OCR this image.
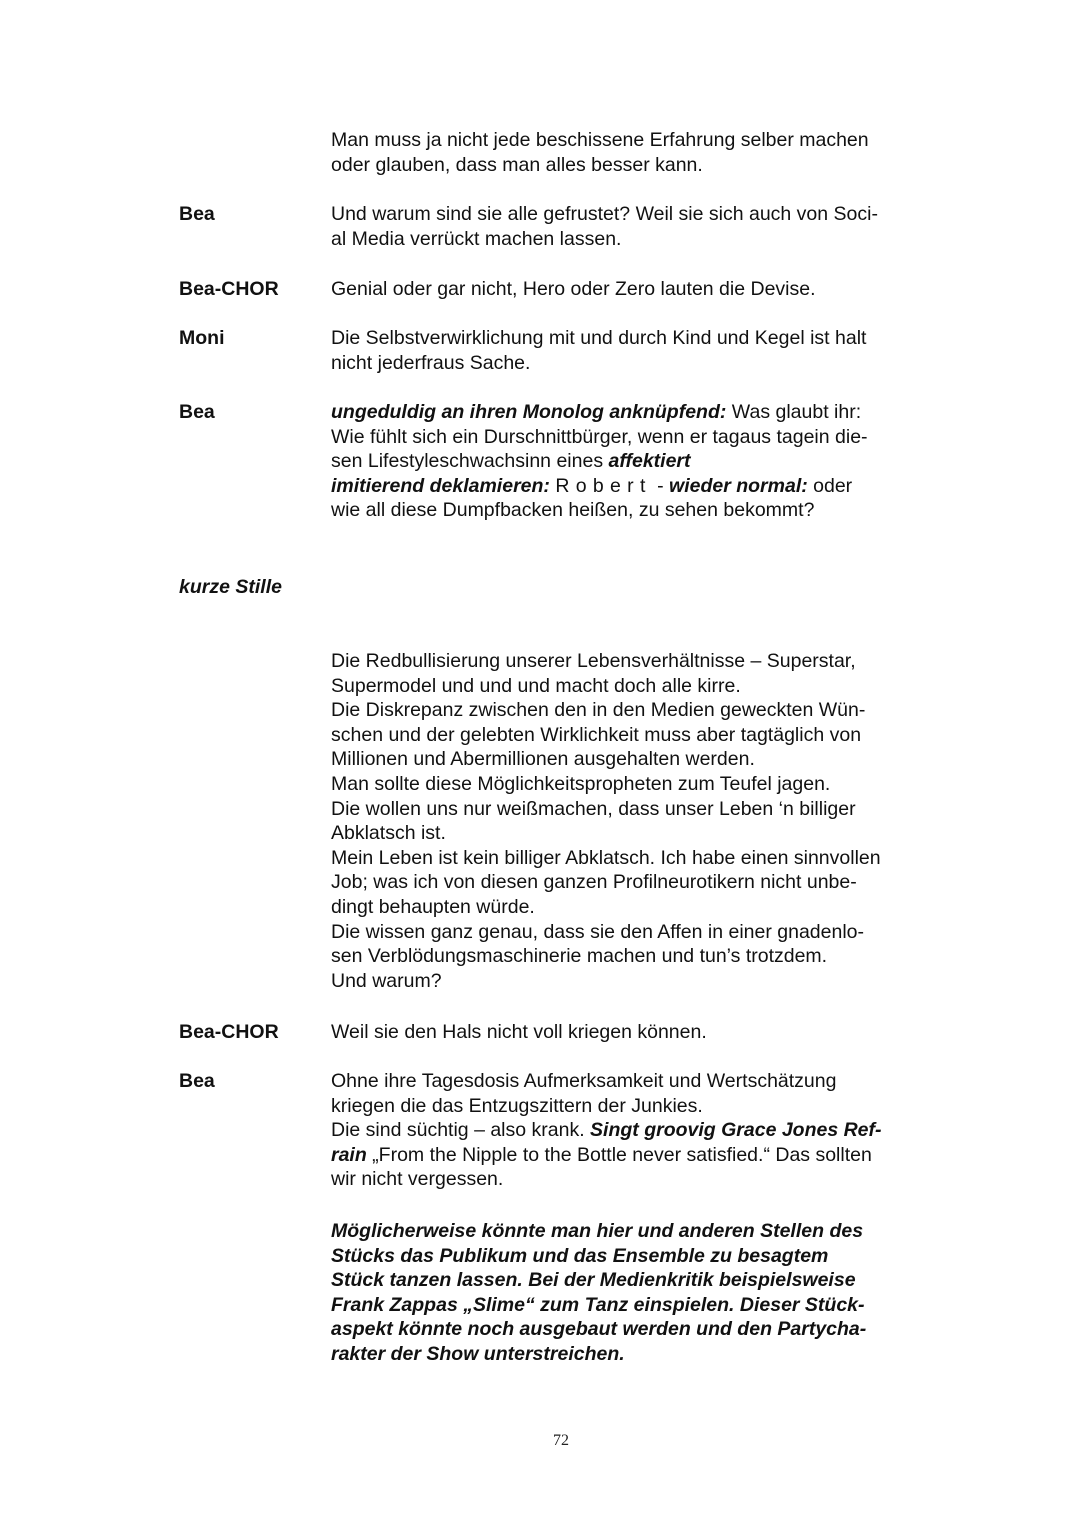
Man muss ja nicht jede beschissene Erfahrung selber machen
oder glauben, dass man alles besser kann.
Bea	Und warum sind sie alle gefrustet? Weil sie sich auch von Soci-
al Media verrückt machen lassen.
Bea-CHOR	Genial oder gar nicht, Hero oder Zero lauten die Devise.
Moni	Die Selbstverwirklichung mit und durch Kind und Kegel ist halt
nicht jederfraus Sache.
Bea	ungeduldig an ihren Monolog anknüpfend: Was glaubt ihr:
Wie fühlt sich ein Durschnittbürger, wenn er tagaus tagein die-
sen Lifestyleschwachsinn eines affektiert
imitierend deklamieren: Robert - wieder normal: oder
wie all diese Dumpfbacken heißen, zu sehen bekommt?
kurze Stille
Die Redbullisierung unserer Lebensverhältnisse – Superstar,
Supermodel und und und macht doch alle kirre.
Die Diskrepanz zwischen den in den Medien geweckten Wün-
schen und der gelebten Wirklichkeit muss aber tagtäglich von
Millionen und Abermillionen ausgehalten werden.
Man sollte diese Möglichkeitspropheten zum Teufel jagen.
Die wollen uns nur weißmachen, dass unser Leben ‘n billiger
Abklatsch ist.
Mein Leben ist kein billiger Abklatsch. Ich habe einen sinnvollen
Job; was ich von diesen ganzen Profilneurotikern nicht unbe-
dingt behaupten würde.
Die wissen ganz genau, dass sie den Affen in einer gnadenlo-
sen Verblödungsmaschinerie machen und tun’s trotzdem.
Und warum?
Bea-CHOR	Weil sie den Hals nicht voll kriegen können.
Bea	Ohne ihre Tagesdosis Aufmerksamkeit und Wertschätzung
kriegen die das Entzugszittern der Junkies.
Die sind süchtig – also krank. Singt groovig Grace Jones Ref-
rain „From the Nipple to the Bottle never satisfied.“ Das sollten
wir nicht vergessen.
Möglicherweise könnte man hier und anderen Stellen des
Stücks das Publikum und das Ensemble zu besagtem
Stück tanzen lassen. Bei der Medienkritik beispielsweise
Frank Zappas „Slime“ zum Tanz einspielen. Dieser Stück-
aspekt könnte noch ausgebaut werden und den Partycha-
rakter der Show unterstreichen.
72
